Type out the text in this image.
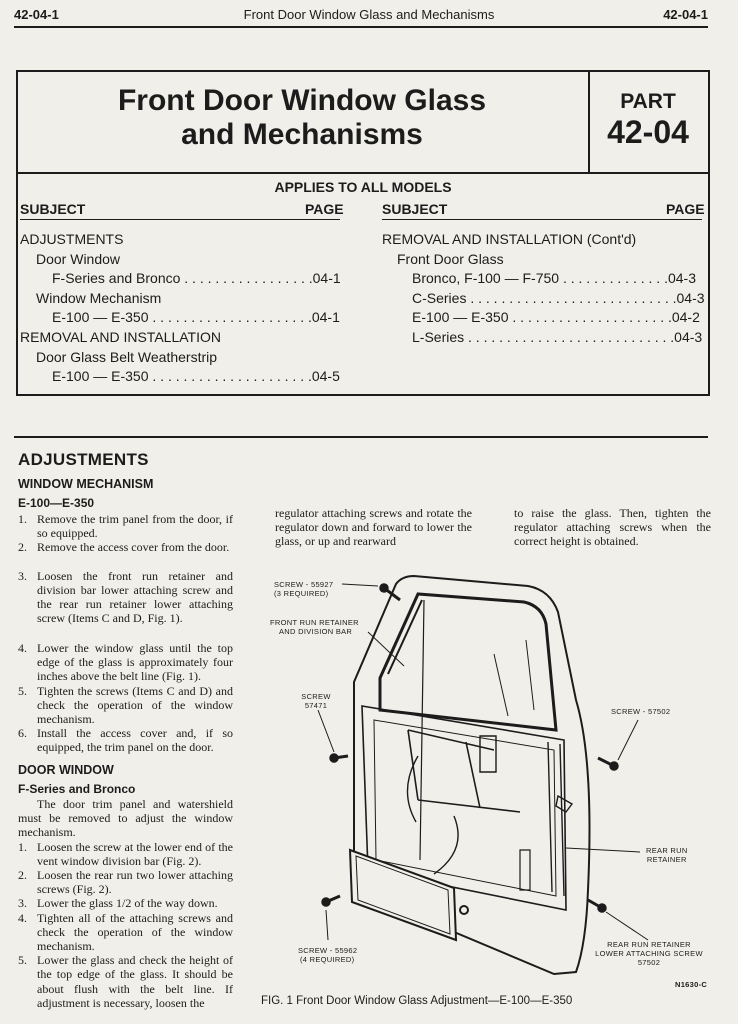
42-04-1	Front Door Window Glass and Mechanisms	42-04-1
Front Door Window Glass
and Mechanisms
PART
42-04
APPLIES TO ALL MODELS
SUBJECT	PAGE	SUBJECT	PAGE
ADJUSTMENTS
Door Window
F-Series and Bronco . . . . . . . . . . . . . . . . .04-1
Window Mechanism
E-100 — E-350 . . . . . . . . . . . . . . . . . . . . .04-1
REMOVAL AND INSTALLATION
Door Glass Belt Weatherstrip
E-100 — E-350 . . . . . . . . . . . . . . . . . . . . .04-5
REMOVAL AND INSTALLATION (Cont'd)
Front Door Glass
Bronco, F-100 — F-750 . . . . . . . . . . . . . .04-3
C-Series . . . . . . . . . . . . . . . . . . . . . . . . . . .04-3
E-100 — E-350 . . . . . . . . . . . . . . . . . . . . .04-2
L-Series . . . . . . . . . . . . . . . . . . . . . . . . . . .04-3
ADJUSTMENTS
WINDOW MECHANISM
E-100—E-350
1. Remove the trim panel from the door, if so equipped.
2. Remove the access cover from the door.
3. Loosen the front run retainer and division bar lower attaching screw and the rear run retainer lower attaching screw (Items C and D, Fig. 1).
4. Lower the window glass until the top edge of the glass is approximately four inches above the belt line (Fig. 1).
5. Tighten the screws (Items C and D) and check the operation of the window mechanism.
6. Install the access cover and, if so equipped, the trim panel on the door.
DOOR WINDOW
F-Series and Bronco
The door trim panel and watershield must be removed to adjust the window mechanism.
1. Loosen the screw at the lower end of the vent window division bar (Fig. 2).
2. Loosen the rear run two lower attaching screws (Fig. 2).
3. Lower the glass 1/2 of the way down.
4. Tighten all of the attaching screws and check the operation of the window mechanism.
5. Lower the glass and check the height of the top edge of the glass. It should be about flush with the belt line. If adjustment is necessary, loosen the
regulator attaching screws and rotate the regulator down and forward to lower the glass, or up and rearward
to raise the glass. Then, tighten the regulator attaching screws when the correct height is obtained.
SCREW - 55927
(3 REQUIRED)
FRONT RUN RETAINER
AND DIVISION BAR
SCREW
57471
SCREW - 57502
REAR RUN
RETAINER
REAR RUN RETAINER
LOWER ATTACHING SCREW
57502
SCREW - 55962
(4 REQUIRED)
N1630-C
FIG. 1 Front Door Window Glass Adjustment—E-100—E-350
